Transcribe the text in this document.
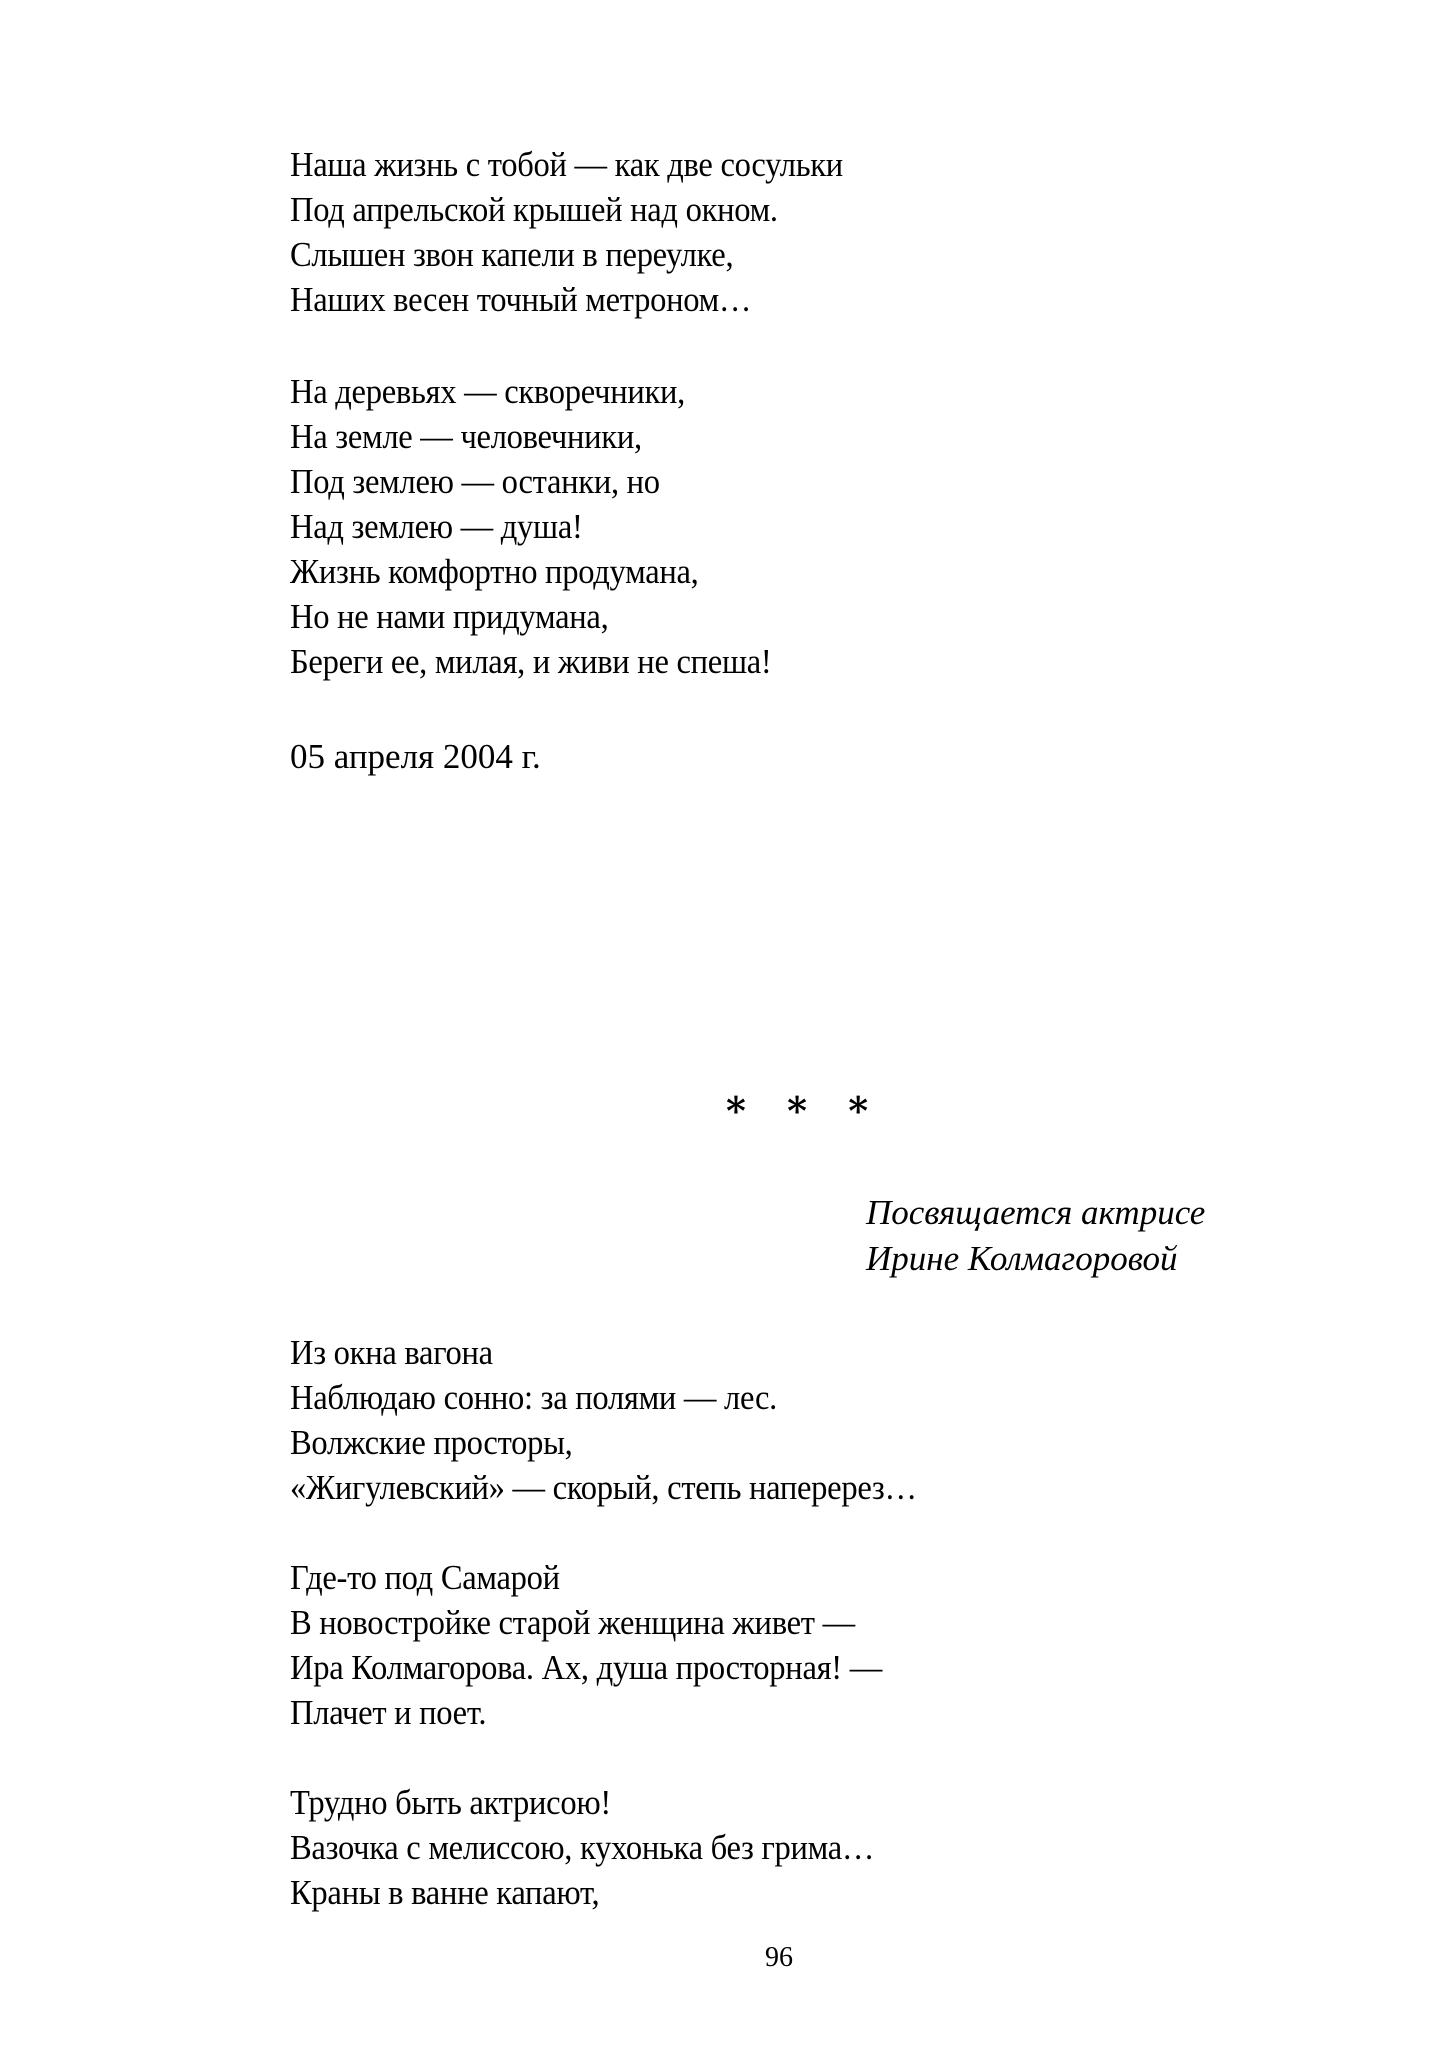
Наша жизнь с тобой — как две сосульки
Под апрельской крышей над окном.
Слышен звон капели в переулке,
Наших весен точный метроном…
На деревьях — скворечники,
На земле — человечники,
Под землею — останки, но
Над землею — душа!
Жизнь комфортно продумана,
Но не нами придумана,
Береги ее, милая, и живи не спеша!
05 апреля 2004 г.
* * *
Посвящается актрисе
Ирине Колмагоровой
Из окна вагона
Наблюдаю сонно: за полями — лес.
Волжские просторы,
«Жигулевский» — скорый, степь наперерез…
Где-то под Самарой
В новостройке старой женщина живет —
Ира Колмагорова. Ах, душа просторная! —
Плачет и поет.
Трудно быть актрисою!
Вазочка с мелиссою, кухонька без грима…
Краны в ванне капают,
96
